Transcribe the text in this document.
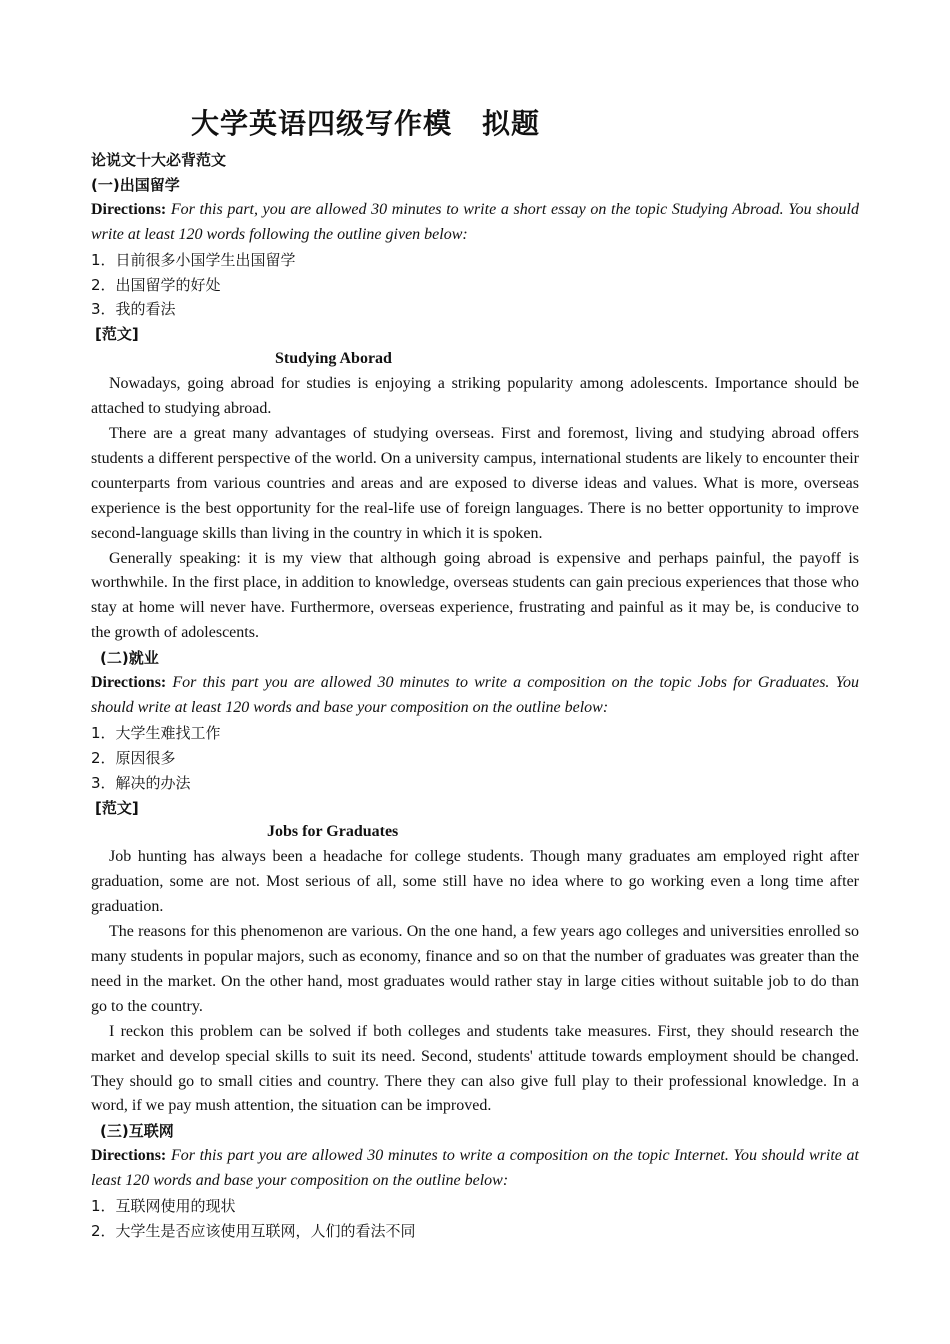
大学英语四级写作模 拟题
论说文十大必背范文
(一)出国留学

Directions: For this part, you are allowed 30 minutes to write a short essay on the topic Studying Abroad. You should write at least 120 words following the outline given below:

1．日前很多小国学生出国留学
2．出国留学的好处
3．我的看法
[范文]
Studying Aborad

Nowadays, going abroad for studies is enjoying a striking popularity among adolescents. Importance should be attached to studying abroad.

There are a great many advantages of studying overseas. First and foremost, living and studying abroad offers students a different perspective of the world. On a university campus, international students are likely to encounter their counterparts from various countries and areas and are exposed to diverse ideas and values. What is more, overseas experience is the best opportunity for the real-life use of foreign languages. There is no better opportunity to improve second-language skills than living in the country in which it is spoken.

Generally speaking: it is my view that although going abroad is expensive and perhaps painful, the payoff is worthwhile. In the first place, in addition to knowledge, overseas students can gain precious experiences that those who stay at home will never have. Furthermore, overseas experience, frustrating and painful as it may be, is conducive to the growth of adolescents.

(二)就业

Directions: For this part you are allowed 30 minutes to write a composition on the topic Jobs for Graduates. You should write at least 120 words and base your composition on the outline below:

1．大学生难找工作
2．原因很多
3．解决的办法
[范文]
Jobs for Graduates

Job hunting has always been a headache for college students. Though many graduates am employed right after graduation, some are not. Most serious of all, some still have no idea where to go working even a long time after graduation.

The reasons for this phenomenon are various. On the one hand, a few years ago colleges and universities enrolled so many students in popular majors, such as economy, finance and so on that the number of graduates was greater than the need in the market. On the other hand, most graduates would rather stay in large cities without suitable job to do than go to the country.

I reckon this problem can be solved if both colleges and students take measures. First, they should research the market and develop special skills to suit its need. Second, students' attitude towards employment should be changed. They should go to small cities and country. There they can also give full play to their professional knowledge. In a word, if we pay mush attention, the situation can be improved.

(三)互联网

Directions: For this part you are allowed 30 minutes to write a composition on the topic Internet. You should write at least 120 words and base your composition on the outline below:

1．互联网使用的现状
2．大学生是否应该使用互联网，人们的看法不同
